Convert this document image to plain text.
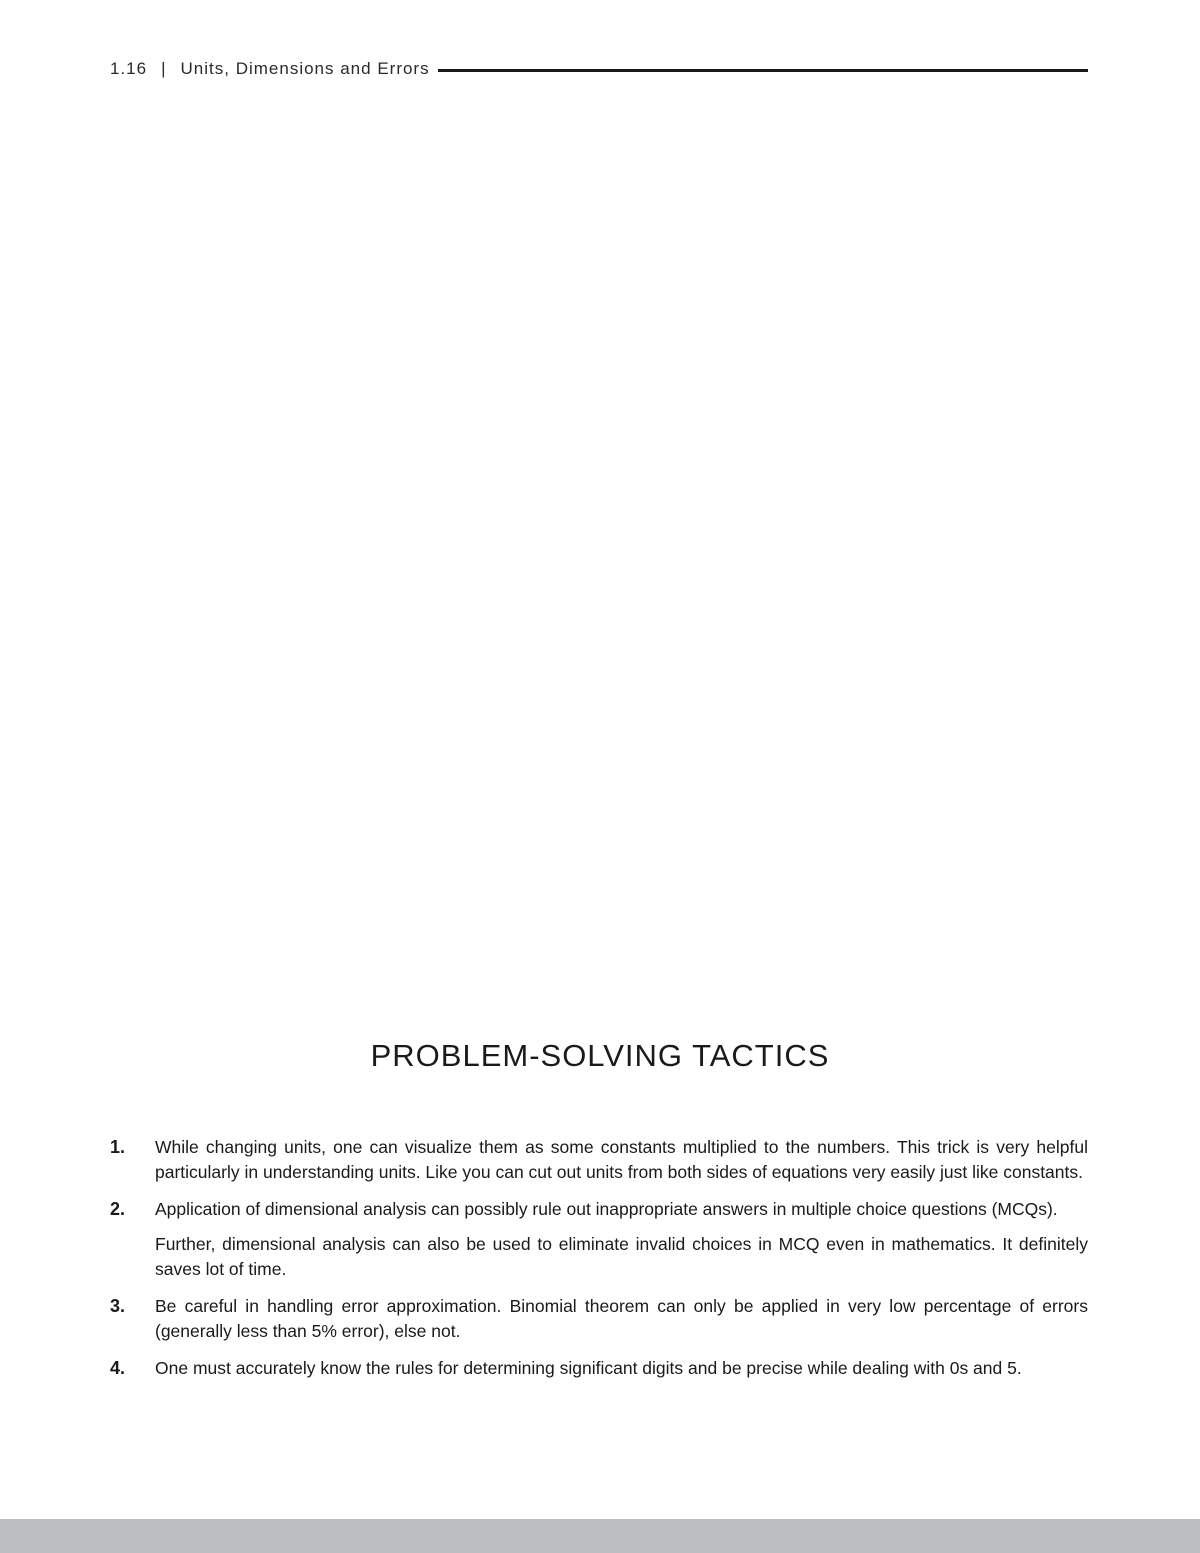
1.16 | Units, Dimensions and Errors
PROBLEM-SOLVING TACTICS
1.	While changing units, one can visualize them as some constants multiplied to the numbers. This trick is very helpful particularly in understanding units. Like you can cut out units from both sides of equations very easily just like constants.

2.	Application of dimensional analysis can possibly rule out inappropriate answers in multiple choice questions (MCQs).

Further, dimensional analysis can also be used to eliminate invalid choices in MCQ even in mathematics. It definitely saves lot of time.

3.	Be careful in handling error approximation. Binomial theorem can only be applied in very low percentage of errors (generally less than 5% error), else not.

4.	One must accurately know the rules for determining significant digits and be precise while dealing with 0s and 5.
